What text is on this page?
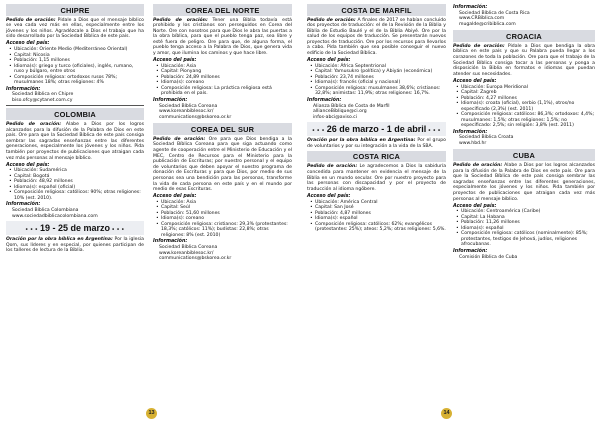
CHIPRE

Pedido de oración: Pidale a Dios que el mensaje bíblico se vea cada vez más en ellas, especialmente entre los jóvenes y los niños. Agradézcale a Dios el trabajo que ha sido desarrollado por la Sociedad Bíblica de este país.

Acceso del país:
• Ubicación: Oriente Medio (Mediterráneo Oriental)
• Capital: Nicosia
• Población: 1,15 millones
• Idioma(s): griego y turco (oficiales), inglés, rumano, ruso y búlgaro, entre otros
• Composición religiosa: ortodoxos rusos 78%; musulmanes 18%; otras religiones: 4%
Información:
Sociedad Bíblica en Chipre
biso.ofcy@cytanet.com.cy
COLOMBIA

Pedido de oración: Alabe a Dios por los logros alcanzados para la difusión de la Palabra de Dios en este país. Ore para que la Sociedad Bíblica de este país consiga sembrar las sagradas enseñanzas entre las diferentes generaciones, especialmente los jóvenes y los niños. Pida también por proyectos de publicaciones que atraigan cada vez más personas al mensaje bíblico.

Acceso del país:
• Ubicación: Sudamérica
• Capital: Bogotá
• Población: 48,92 millones
• Idioma(s): español (oficial)
• Composición religiosa: católicos: 90%; otras religiones: 10% (est. 2010).
Información:
Sociedad Bíblica Colombiana
www.sociedadbiblicacolombiana.com
• • • 19 - 25 de marzo • • •

Oración por la obra bíblica en Argentina: Por la iglesia Qom, sus líderes y en especial, por quienes participan de los talleres de lectura de la Biblia.

COREA DEL NORTE

Pedido de oración: Tener una Biblia todavía está prohibido y los cristianos son perseguidos en Corea del Norte. Ore con nosotros para que Dios le abra las puertas a la obra bíblica, para que el pueblo tenga paz, sea libre y esté fuera de peligro. Ore para que, de alguna forma, el pueblo tenga acceso a la Palabra de Dios, que genera vida y amor, que ilumina los caminos y que hace libre.

Acceso del país:
• Ubicación: Asia
• Capital: Pionyang
• Población: 24,89 millones
• Idioma(s): coreano
• Composición religiosa: La práctica religiosa está prohibida en el país.
Información:
Sociedad Bíblica Coreana
www.koreanbiblesoc.kr/
communications@bskorea.or.kr
COREA DEL SUR

Pedido de oración: Ore para que Dios bendiga a la Sociedad Bíblica Coreana para que siga actuando como agente de cooperación entre el Ministerio de Educación y el MEC, Centro de Recursos para el Ministerio para la publicación de Escrituras; por nuestro personal y el equipo de voluntarios que deben apoyar el nuestro programa de donación de Escrituras y para que Dios, por medio de sus personas sea una bendición para las personas, transforme la vida de cada persona en este país y en el mundo por medio de esas Escrituras.

Acceso del país:
• Ubicación: Asia
• Capital: Seúl
• Población: 51,60 millones
• Idioma(s): coreano
• Composición religiosa: cristianos: 29,3% (protestantes: 18,3%; católicos: 11%); budistas: 22,8%; otras religiones: 8% (est. 2010)
Información:
Sociedad Bíblica Coreana
www.koreanbiblesoc.kr/
communications@bskorea.or.kr
COSTA DE MARFIL

Pedido de oración: A finales de 2017 se habían concluido dos proyectos de traducción: el de la Revisión de la Biblia y Biblia de Estudio Baulé y el de la Biblia Abiyé. Ore por la salud de los equipos de traducción. Se presentarán nuevos proyectos de traducción. Ore por los recursos para llevarlos a cabo. Pida también que sea posible conseguir el nuevo edificio de la Sociedad Bíblica.

Acceso del país:
• Ubicación: África Septentrional
• Capital: Yamusukro (política) y Abiyán (económica)
• Población: 23,74 millones
• Idioma(s): francés (oficial y nacional)
• Composición religiosa: musulmanes 38,6%; cristianos: 32,8%; animistas: 11,9%; otras religiones: 16,7%.
Información:
Alianza Bíblica de Costa de Marfil
allianceBiblique@ci.org
infos-abci@aviso.ci
• • • 26 de marzo - 1 de abril • • •

Oración por la obra bíblica en Argentina: Por el grupo de voluntarios y por su integración a la vida de la SBA.

COSTA RICA

Pedido de oración: Le agradecemos a Dios la sabiduría concedida para mantener en evidencia el mensaje de la Biblia en un mundo secular. Ore por nuestro proyecto para las personas con discapacidad y por el proyecto de traducción al idioma ngöbere.

Acceso del país:
• Ubicación: América Central
• Capital: San José
• Población: 4,87 millones
• Idioma(s): español
• Composición religiosa: católicos: 62%; evangélicos (protestantes: 25%); ateos: 5,2%; otras religiones: 5,6%.
Información:
Sociedad Bíblica de Costa Rica
www.CRBiblica.com
mugalde@cribiblica.com
CROACIA

Pedido de oración: Pidale a Dios que bendiga la obra bíblica en este país y que su Palabra pueda llegar a los corazones de toda la población. Ore para que el trabajo de la Sociedad Bíblica consiga tocar a las personas y ponga a disposición la Biblia en formatos e idiomas que puedan atender sus necesidades.

Acceso del país:
• Ubicación: Europa Meridional
• Capital: Zagreb
• Población: 4,27 millones
• Idioma(s): croata (oficial), serbio (1,1%), otros/no especificado (2,3%) (est. 2011)
• Composición religiosa: católicos: 86,3%; ortodoxos: 4,4%; musulmanes: 1,5%; otras religiones: 1,5%; no especificado: 2,5%; sin religión: 3,8% (est. 2011)
Información:
Sociedad Bíblica Croata
www.hbd.hr
CUBA

Pedido de oración: Alabe a Dios por los logros alcanzados para la difusión de la Palabra de Dios en este país. Ore para que la Sociedad Bíblica de este país consiga sembrar las sagradas enseñanzas entre las diferentes generaciones, especialmente los jóvenes y los niños. Pida también por proyectos de publicaciones que atraigan cada vez más personas al mensaje bíblico.

Acceso del país:
• Ubicación: Centroamérica (Caribe)
• Capital: La Habana
• Población: 11,26 millones
• Idioma(s): español
• Composición religiosa: católicos (nominalmente): 85%; protestantes, testigos de Jehová, judíos, religiones afrocubanas.
Información:
Comisión Bíblica de Cuba
13	14
